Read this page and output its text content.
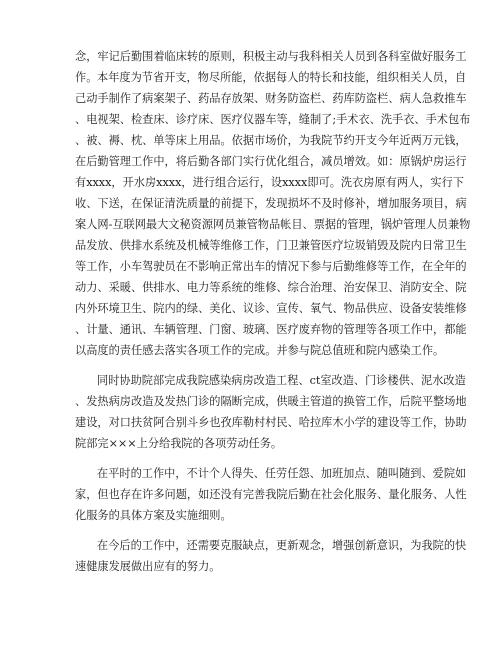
念，牢记后勤围着临床转的原则，积极主动与我科相关人员到各科室做好服务工
作。 本年度为节省开支，物尽所能，依据每人的特长和技能，组织相关人员，自
己动手制作了病案架子、药品存放架、财务防盗栏、药库防盗栏、病人急救推车
、电视架、检查床、诊疗床、医疗仪器车等，缝制了;手术衣、洗手衣、手术包布
、被、褥、枕、单等床上用品。依据市场价，为我院节约开支今年近两万元钱，
在后勤管理工作中，将后勤各部门实行优化组合，减员增效。如：原锅炉房运行
有xxxx，开水房xxxx，进行组合运行，设xxxx即可。洗衣房原有两人，实行下
收、下送，在保证清洗质量的前提下，发现损坏不及时修补，增加服务项目，病
案人网-互联网最大文秘资源网员兼管物品帐目、票据的管理，锅炉管理人员兼物
品发放、供排水系统及机械等维修工作，门卫兼管医疗垃圾销毁及院内日常卫生
等工作，小车驾驶员在不影响正常出车的情况下参与后勤维修等工作，在全年的
动力、采暖、供排水、电力等系统的维修、综合治理、治安保卫、消防安全、院
内外环境卫生、院内的绿、美化、议诊、宣传、氧气、物品供应、设备安装维修
、计量、通讯、车辆管理、门窗、玻璃、医疗废弃物的管理等各项工作中，都能
以高度的责任感去落实各项工作的完成。并参与院总值班和院内感染工作。
同时协助院部完成我院感染病房改造工程、ct室改造、门诊楼供、泥水改造
、发热病房改造及发热门诊的隔断完成，供暖主管道的换管工作，后院平整场地
建设，对口扶贫阿合别斗乡也孜库勒村村民、哈拉库木小学的建设等工作，协助
院部完×××上分给我院的各项劳动任务。
在平时的工作中，不计个人得失、任劳任怨、加班加点、随叫随到、爱院如
家，但也存在许多问题，如还没有完善我院后勤在社会化服务、量化服务、人性
化服务的具体方案及实施细则。
在今后的工作中，还需要克服缺点，更新观念，增强创新意识，为我院的快
速健康发展做出应有的努力。
